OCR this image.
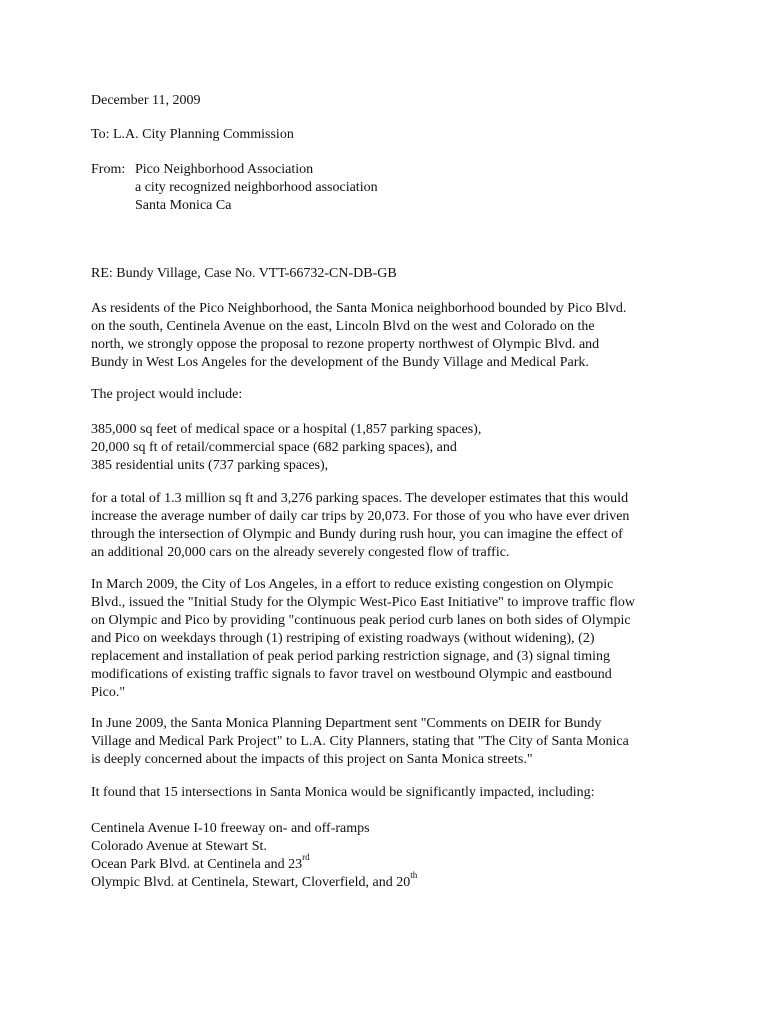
December 11, 2009
To: L.A. City Planning Commission
From: Pico Neighborhood Association
a city recognized neighborhood association
Santa Monica Ca
RE: Bundy Village, Case No. VTT-66732-CN-DB-GB
As residents of the Pico Neighborhood, the Santa Monica neighborhood bounded by Pico Blvd.
on the south, Centinela Avenue on the east, Lincoln Blvd on the west and Colorado on the
north, we strongly oppose the proposal to rezone property northwest of Olympic Blvd. and
Bundy in West Los Angeles for the development of the Bundy Village and Medical Park.
The project would include:
385,000 sq feet of medical space or a hospital (1,857 parking spaces),
20,000 sq ft of retail/commercial space (682 parking spaces), and
385 residential units (737 parking spaces),
for a total of 1.3 million sq ft and 3,276 parking spaces. The developer estimates that this would
increase the average number of daily car trips by 20,073. For those of you who have ever driven
through the intersection of Olympic and Bundy during rush hour, you can imagine the effect of
an additional 20,000 cars on the already severely congested flow of traffic.
In March 2009, the City of Los Angeles, in a effort to reduce existing congestion on Olympic
Blvd., issued the "Initial Study for the Olympic West-Pico East Initiative" to improve traffic flow
on Olympic and Pico by providing "continuous peak period curb lanes on both sides of Olympic
and Pico on weekdays through (1) restriping of existing roadways (without widening), (2)
replacement and installation of peak period parking restriction signage, and (3) signal timing
modifications of existing traffic signals to favor travel on westbound Olympic and eastbound
Pico."
In June 2009, the Santa Monica Planning Department sent "Comments on DEIR for Bundy
Village and Medical Park Project" to L.A. City Planners, stating that "The City of Santa Monica
is deeply concerned about the impacts of this project on Santa Monica streets."
It found that 15 intersections in Santa Monica would be significantly impacted, including:
Centinela Avenue I-10 freeway on- and off-ramps
Colorado Avenue at Stewart St.
Ocean Park Blvd. at Centinela and 23rd
Olympic Blvd. at Centinela, Stewart, Cloverfield, and 20th
